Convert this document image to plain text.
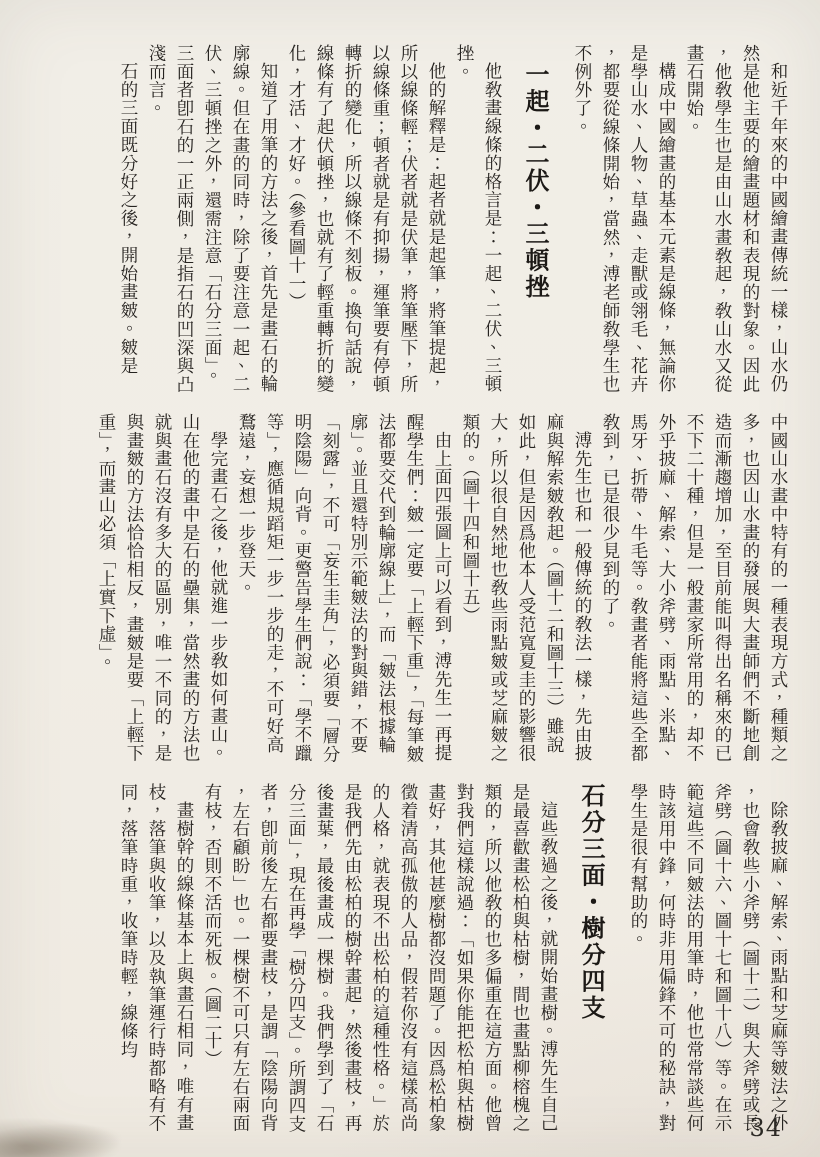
和近千年來的中國繪畫傳統一樣，山水仍然是他主要的繪畫題材和表現的對象。因此，他敎學生也是由山水畫敎起，敎山水又從畫石開始。

構成中國繪畫的基本元素是線條，無論你是學山水、人物、草蟲、走獸或翎毛、花卉，都要從線條開始，當然，溥老師敎學生也不例外了。

一起・二伏・三頓挫

他敎畫線條的格言是：一起、二伏、三頓挫。

他的解釋是：起者就是起筆，將筆提起，所以線條輕；伏者就是伏筆，將筆壓下，所以線條重；頓者就是有抑揚，運筆要有停頓轉折的變化，所以線條不刻板。換句話說，線條有了起伏頓挫，也就有了輕重轉折的變化，才活、才好。（參看圖十一）

知道了用筆的方法之後，首先是畫石的輪廓線。但在畫的同時，除了要注意一起、二伏、三頓挫之外，還需注意「石分三面」。三面者卽石的一正兩側，是指石的凹深與凸淺而言。

石的三面既分好之後，開始畫皴。皴是

中國山水畫中特有的一種表現方式，種類之多，也因山水畫的發展與大畫師們不斷地創造而漸趨增加，至目前能叫得出名稱來的已不下二十種，但是一般畫家所常用的，却不外乎披麻、解索、大小斧劈、雨點、米點、馬牙、折帶、牛毛等。敎畫者能將這些全都敎到，已是很少見到的了。

溥先生也和一般傳統的敎法一樣，先由披麻與解索皴敎起。（圖十二和圖十三）雖說如此，但是因爲他本人受范寬夏圭的影響很大，所以很自然地也敎些雨點皴或芝麻皴之類的。（圖十四和圖十五）

由上面四張圖上可以看到，溥先生一再提醒學生們：皴一定要「上輕下重」，「每筆皴法都要交代到輪廓線上」，而「皴法根據輪廓」。並且還特別示範皴法的對與錯，不要「刻露」，不可「妄生圭角」，必須要「層分明陰陽」向背。更警告學生們說：「學不躐等」，應循規蹈矩一步一步的走，不可好高鶩遠，妄想一步登天。

學完畫石之後，他就進一步敎如何畫山。山在他的畫中是石的壘集，當然畫的方法也就與畫石沒有多大的區別，唯一不同的，是與畫皴的方法恰恰相反，畫皴是要「上輕下重」，而畫山必須「上實下虛」。

除敎披麻、解索、雨點和芝麻等皴法之外，也會敎些小斧劈（圖十二）與大斧劈或長斧劈（圖十六、圖十七和圖十八）等。在示範這些不同皴法的用筆時，他也常常談些何時該用中鋒，何時非用偏鋒不可的秘訣，對學生是很有幫助的。

石分三面・樹分四支

這些敎過之後，就開始畫樹。溥先生自己是最喜歡畫松柏與枯樹，間也畫點柳榕槐之類的，所以他敎的也多偏重在這方面。他曾對我們這樣說過：「如果你能把松柏與枯樹畫好，其他甚麼樹都沒問題了。因爲松柏象徵着清高孤傲的人品，假若你沒有這樣高尚的人格，就表現不出松柏的這種性格。」於是我們先由松柏的樹幹畫起，然後畫枝，再後畫葉，最後畫成一棵樹。我們學到了「石分三面」，現在再學「樹分四支」。所謂四支者，卽前後左右都要畫枝，是謂「陰陽向背，左右顧盼」也。一棵樹不可只有左右兩面有枝，否則不活而死板。（圖二十）

畫樹幹的線條基本上與畫石相同，唯有畫枝，落筆與收筆，以及執筆運行時都略有不同，落筆時重，收筆時輕，線條均

34
